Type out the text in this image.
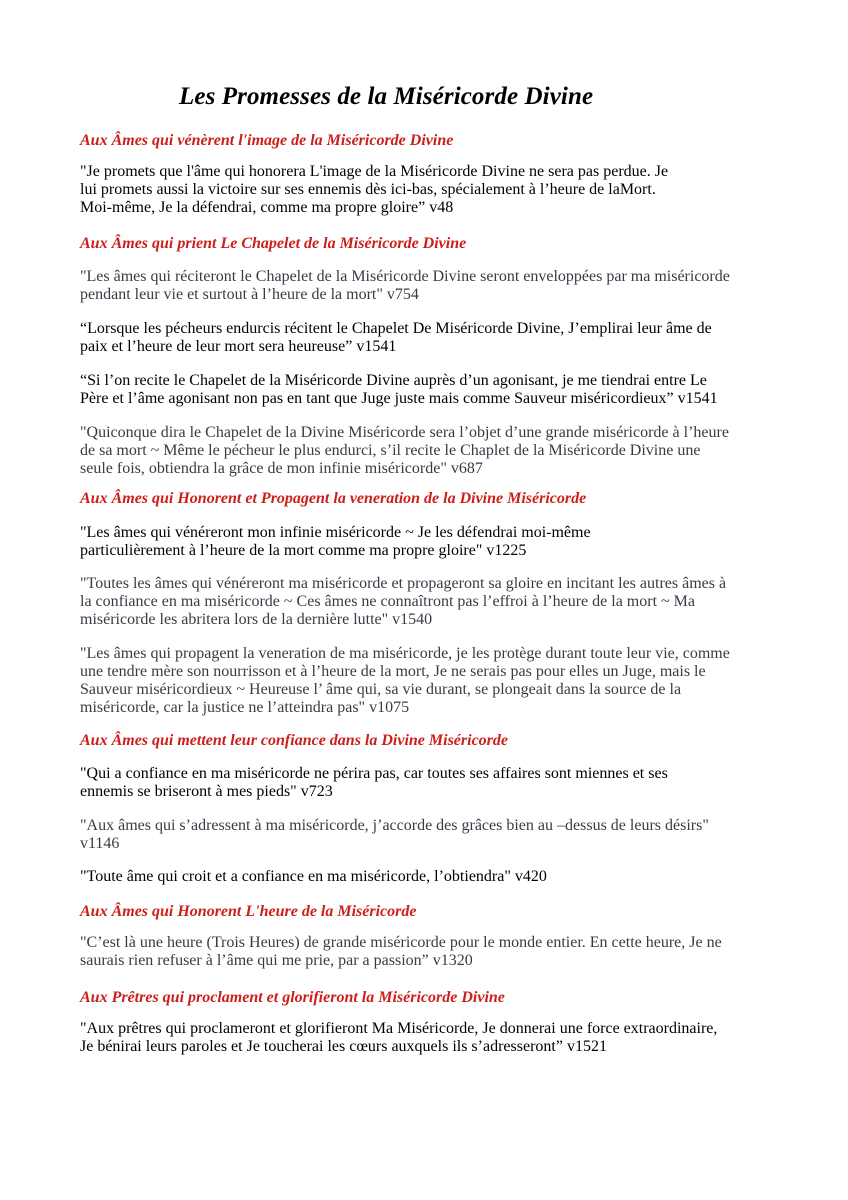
Les Promesses de la Miséricorde Divine
Aux Âmes qui vénèrent l'image de la Miséricorde Divine

"Je promets que l'âme qui honorera L'image de la Miséricorde Divine ne sera pas perdue. Je
lui promets aussi la victoire sur ses ennemis dès ici-bas, spécialement à l’heure de laMort.
Moi-même, Je la défendrai, comme ma propre gloire” v48

Aux Âmes qui prient Le Chapelet de la Miséricorde Divine

"Les âmes qui réciteront le Chapelet de la Miséricorde Divine seront enveloppées par ma miséricorde
pendant leur vie et surtout à l’heure de la mort" v754

“Lorsque les pécheurs endurcis récitent le Chapelet De Miséricorde Divine, J’emplirai leur âme de
paix et l’heure de leur mort sera heureuse” v1541

“Si l’on recite le Chapelet de la Miséricorde Divine auprès d’un agonisant, je me tiendrai entre Le
Père et l’âme agonisant non pas en tant que Juge juste mais comme Sauveur miséricordieux” v1541

"Quiconque dira le Chapelet de la Divine Miséricorde sera l’objet d’une grande miséricorde à l’heure
de sa mort ~ Même le pécheur le plus endurci, s’il recite le Chaplet de la Miséricorde Divine une
seule fois, obtiendra la grâce de mon infinie miséricorde" v687

Aux Âmes qui Honorent et Propagent la veneration de la Divine Miséricorde

"Les âmes qui vénéreront mon infinie miséricorde ~ Je les défendrai moi-même
particulièrement à l’heure de la mort comme ma propre gloire" v1225

"Toutes les âmes qui vénéreront ma miséricorde et propageront sa gloire en incitant les autres âmes à
la confiance en ma miséricorde ~ Ces âmes ne connaîtront pas l’effroi à l’heure de la mort ~ Ma
miséricorde les abritera lors de la dernière lutte" v1540

"Les âmes qui propagent la veneration de ma miséricorde, je les protège durant toute leur vie, comme
une tendre mère son nourrisson et à l’heure de la mort, Je ne serais pas pour elles un Juge, mais le
Sauveur miséricordieux ~ Heureuse l’ âme qui, sa vie durant, se plongeait dans la source de la
miséricorde, car la justice ne l’atteindra pas" v1075

Aux Âmes qui mettent leur confiance dans la Divine Miséricorde

"Qui a confiance en ma miséricorde ne périra pas, car toutes ses affaires sont miennes et ses
ennemis se briseront à mes pieds" v723

"Aux âmes qui s’adressent à ma miséricorde, j’accorde des grâces bien au –dessus de leurs désirs"
v1146

"Toute âme qui croit et a confiance en ma miséricorde, l’obtiendra" v420

Aux Âmes qui Honorent L'heure de la Miséricorde

"C’est là une heure (Trois Heures) de grande miséricorde pour le monde entier. En cette heure, Je ne
saurais rien refuser à l’âme qui me prie, par a passion” v1320

Aux Prêtres qui proclament et glorifieront la Miséricorde Divine

"Aux prêtres qui proclameront et glorifieront Ma Miséricorde, Je donnerai une force extraordinaire,
Je bénirai leurs paroles et Je toucherai les cœurs auxquels ils s’adresseront” v1521
